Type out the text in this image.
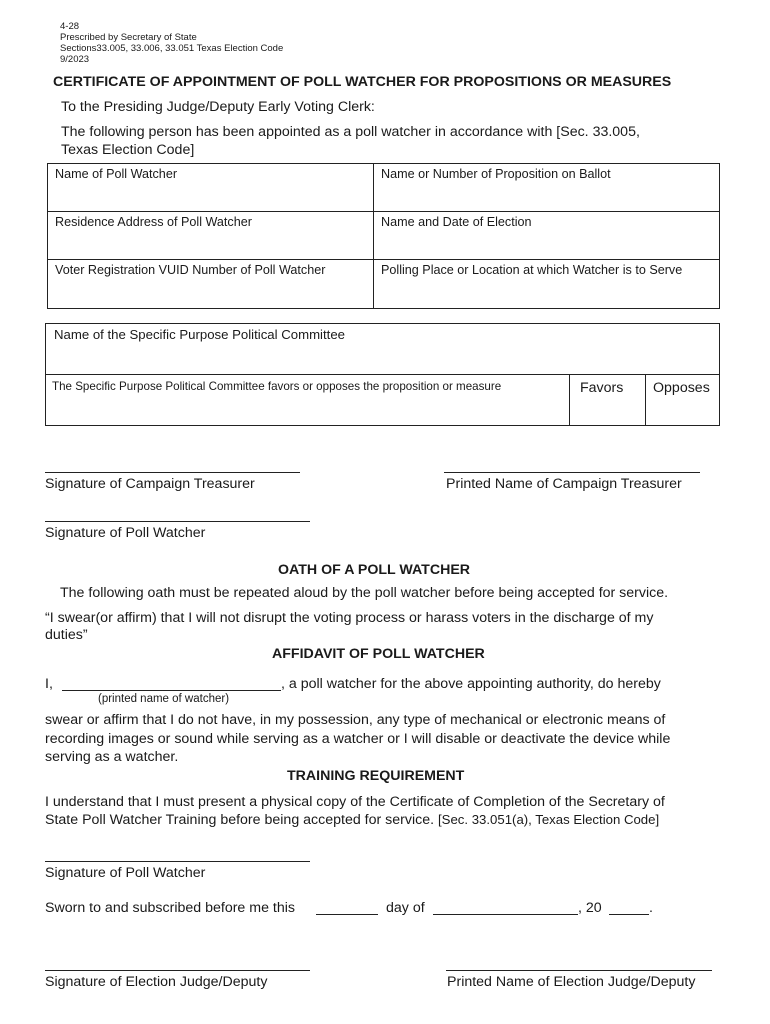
4-28
Prescribed by Secretary of State
Sections33.005, 33.006, 33.051 Texas Election Code
9/2023
CERTIFICATE OF APPOINTMENT OF POLL WATCHER FOR PROPOSITIONS OR MEASURES
To the Presiding Judge/Deputy Early Voting Clerk:
The following person has been appointed as a poll watcher in accordance with [Sec. 33.005,
Texas Election Code]
Name of Poll Watcher	Name or Number of Proposition on Ballot
Residence Address of Poll Watcher	Name and Date of Election
Voter Registration VUID Number of Poll Watcher	Polling Place or Location at which Watcher is to Serve
Name of the Specific Purpose Political Committee
The Specific Purpose Political Committee favors or opposes the proposition or measure	Favors Opposes
Signature of Campaign Treasurer	Printed Name of Campaign Treasurer
Signature of Poll Watcher
OATH OF A POLL WATCHER
The following oath must be repeated aloud by the poll watcher before being accepted for service.
“I swear(or affirm) that I will not disrupt the voting process or harass voters in the discharge of my
duties”
AFFIDAVIT OF POLL WATCHER
I,	, a poll watcher for the above appointing authority, do hereby
(printed name of watcher)
swear or affirm that I do not have, in my possession, any type of mechanical or electronic means of
recording images or sound while serving as a watcher or I will disable or deactivate the device while
serving as a watcher.
TRAINING REQUIREMENT
I understand that I must present a physical copy of the Certificate of Completion of the Secretary of
State Poll Watcher Training before being accepted for service. [Sec. 33.051(a), Texas Election Code]
Signature of Poll Watcher
Sworn to and subscribed before me this	day of	, 20	.
Signature of Election Judge/Deputy	Printed Name of Election Judge/Deputy
